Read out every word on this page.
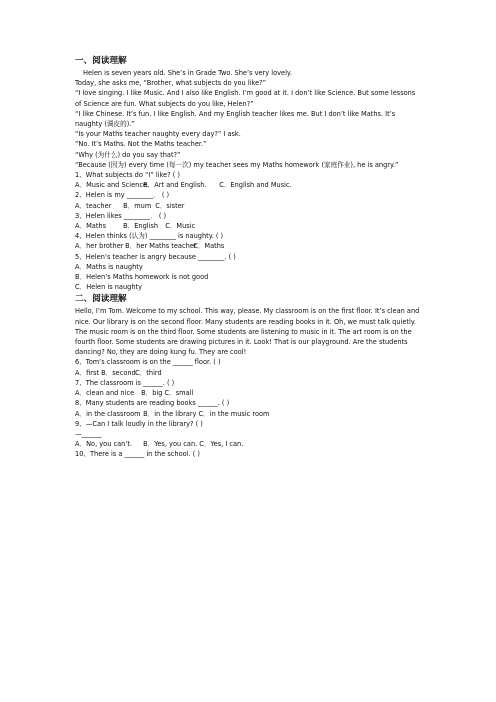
一、阅读理解
Helen is seven years old. She’s in Grade Two. She’s very lovely.
Today, she asks me, “Brother, what subjects do you like?”
“I love singing. I like Music. And I also like English. I’m good at it. I don’t like Science. But some lessons of Science are fun. What subjects do you like, Helen?”
“I like Chinese. It’s fun. I like English. And my English teacher likes me. But I don’t like Maths. It’s naughty (调皮的).”
“Is your Maths teacher naughty every day?” I ask.
“No. It’s Maths. Not the Maths teacher.”
“Why (为什么) do you say that?”
“Because (因为) every time (每一次) my teacher sees my Maths homework (家庭作业), he is angry.”
1、What subjects do “I” like? ( )
A．Music and Science. B．Art and English. C．English and Music.
2、Helen is my ________． ( )
A．teacher B．mum C．sister
3、Helen likes ________． ( )
A．Maths	B．English C．Music
4、Helen thinks (认为) ________ is naughty. ( )
A．her brother B．her Maths teacher C．Maths
5、Helen’s teacher is angry because ________. ( )
A．Maths is naughty
B．Helen’s Maths homework is not good
C．Helen is naughty
二、阅读理解
Hello, I’m Tom. Welcome to my school. This way, please. My classroom is on the first floor. It’s clean and nice. Our library is on the second floor. Many students are reading books in it. Oh, we must talk quietly. The music room is on the third floor. Some students are listening to music in it. The art room is on the fourth floor. Some students are drawing pictures in it. Look! That is our playground. Are the students dancing? No, they are doing kung fu. They are cool!
6、Tom’s classroom is on the ______ floor. ( )
A．first B．second C．third
7、The classroom is ______. ( )
A．clean and nice B．big C．small
8、Many students are reading books ______. ( )
A．in the classroom B．in the library C．in the music room
9、—Can I talk loudly in the library? ( )
—______
A．No, you can’t. B．Yes, you can. C．Yes, I can.
10、There is a ______ in the school. ( )
